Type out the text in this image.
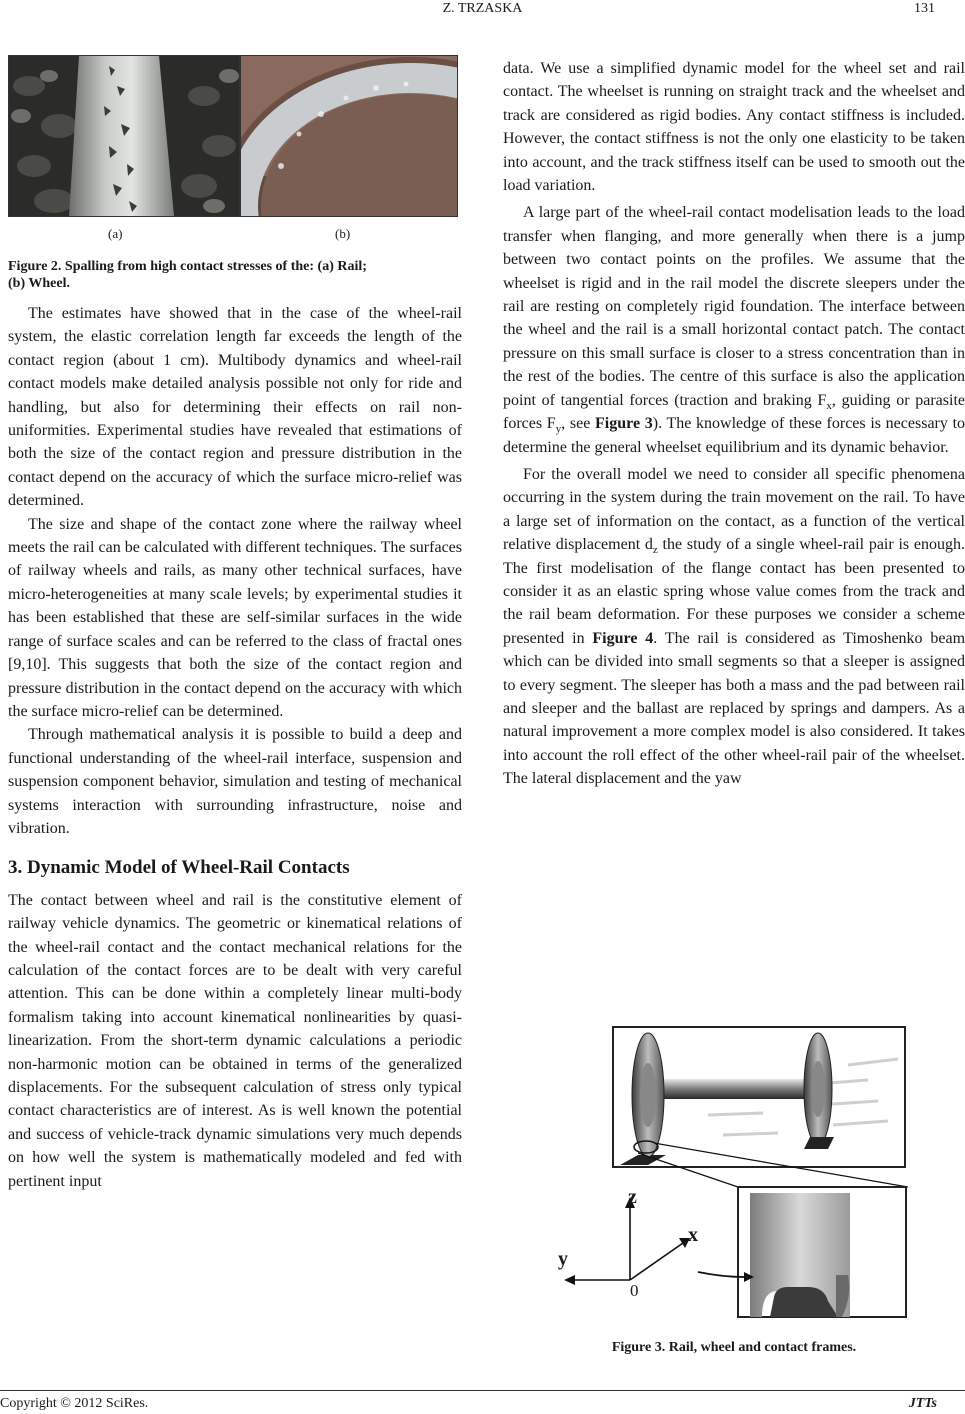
Z. TRZASKA	131
(a)	(b)

Figure 2. Spalling from high contact stresses of the: (a) Rail;

(b) Wheel.

The estimates have showed that in the case of the wheel-rail system, the elastic correlation length far exceeds the length of the contact region (about 1 cm). Multibody dynamics and wheel-rail contact models make detailed analysis possible not only for ride and handling, but also for determining their effects on rail non-uniformities. Experimental studies have revealed that estimations of both the size of the contact region and pressure distribution in the contact depend on the accuracy of which the surface micro-relief was determined.

The size and shape of the contact zone where the railway wheel meets the rail can be calculated with different techniques. The surfaces of railway wheels and rails, as many other technical surfaces, have micro-heterogeneities at many scale levels; by experimental studies it has been established that these are self-similar surfaces in the wide range of surface scales and can be referred to the class of fractal ones [9,10]. This suggests that both the size of the contact region and pressure distribution in the contact depend on the accuracy with which the surface micro-relief can be determined.

Through mathematical analysis it is possible to build a deep and functional understanding of the wheel-rail interface, suspension and suspension component behavior, simulation and testing of mechanical systems interaction with surrounding infrastructure, noise and vibration.

3. Dynamic Model of Wheel-Rail Contacts

The contact between wheel and rail is the constitutive element of railway vehicle dynamics. The geometric or kinematical relations of the wheel-rail contact and the contact mechanical relations for the calculation of the contact forces are to be dealt with very careful attention. This can be done within a completely linear multi-body formalism taking into account kinematical nonlinearities by quasi-linearization. From the short-term dynamic calculations a periodic non-harmonic motion can be obtained in terms of the generalized displacements. For the subsequent calculation of stress only typical contact characteristics are of interest. As is well known the potential and success of vehicle-track dynamic simulations very much depends on how well the system is mathematically modeled and fed with pertinent input

data. We use a simplified dynamic model for the wheel set and rail contact. The wheelset is running on straight track and the wheelset and track are considered as rigid bodies. Any contact stiffness is included. However, the contact stiffness is not the only one elasticity to be taken into account, and the track stiffness itself can be used to smooth out the load variation.

A large part of the wheel-rail contact modelisation leads to the load transfer when flanging, and more generally when there is a jump between two contact points on the profiles. We assume that the wheelset is rigid and in the rail model the discrete sleepers under the rail are resting on completely rigid foundation. The interface between the wheel and the rail is a small horizontal contact patch. The contact pressure on this small surface is closer to a stress concentration than in the rest of the bodies. The centre of this surface is also the application point of tangential forces (traction and braking $F_x$, guiding or parasite forces $F_y$, see Figure 3). The knowledge of these forces is necessary to determine the general wheelset equilibrium and its dynamic behavior.

For the overall model we need to consider all specific phenomena occurring in the system during the train movement on the rail. To have a large set of information on the contact, as a function of the vertical relative displacement $d_z$ the study of a single wheel-rail pair is enough. The first modelisation of the flange contact has been presented to consider it as an elastic spring whose value comes from the track and the rail beam deformation. For these purposes we consider a scheme presented in Figure 4. The rail is considered as Timoshenko beam which can be divided into small segments so that a sleeper is assigned to every segment. The sleeper has both a mass and the pad between rail and sleeper and the ballast are replaced by springs and dampers. As a natural improvement a more complex model is also considered. It takes into account the roll effect of the other wheel-rail pair of the wheelset. The lateral displacement and the yaw

z
x
y
0
Figure 3. Rail, wheel and contact frames.
Copyright © 2012 SciRes.	JTTs
